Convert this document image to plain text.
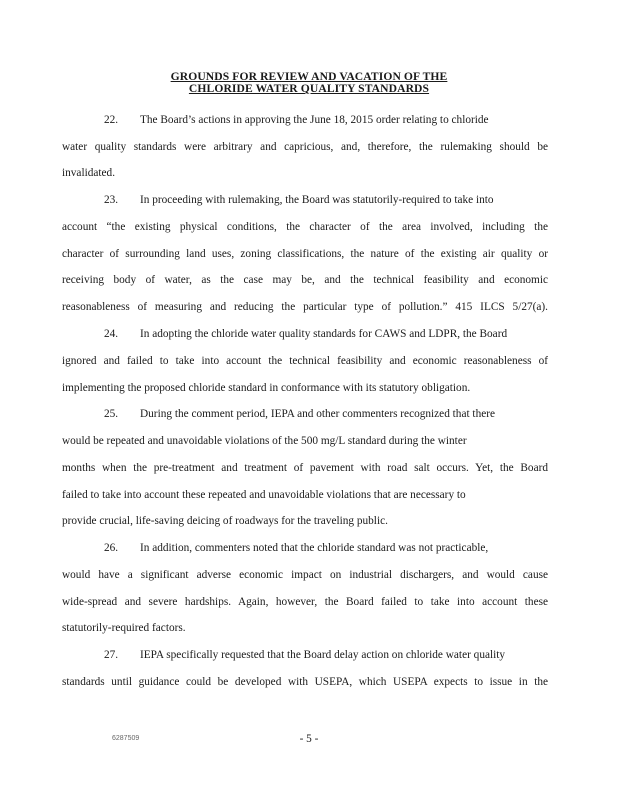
GROUNDS FOR REVIEW AND VACATION OF THE
CHLORIDE WATER QUALITY STANDARDS
22. The Board’s actions in approving the June 18, 2015 order relating to chloride
water quality standards were arbitrary and capricious, and, therefore, the rulemaking should be
invalidated.
23. In proceeding with rulemaking, the Board was statutorily-required to take into
account “the existing physical conditions, the character of the area involved, including the
character of surrounding land uses, zoning classifications, the nature of the existing air quality or
receiving body of water, as the case may be, and the technical feasibility and economic
reasonableness of measuring and reducing the particular type of pollution.” 415 ILCS 5/27(a).
24. In adopting the chloride water quality standards for CAWS and LDPR, the Board
ignored and failed to take into account the technical feasibility and economic reasonableness of
implementing the proposed chloride standard in conformance with its statutory obligation.
25. During the comment period, IEPA and other commenters recognized that there
would be repeated and unavoidable violations of the 500 mg/L standard during the winter
months when the pre-treatment and treatment of pavement with road salt occurs. Yet, the Board
failed to take into account these repeated and unavoidable violations that are necessary to
provide crucial, life-saving deicing of roadways for the traveling public.
26. In addition, commenters noted that the chloride standard was not practicable,
would have a significant adverse economic impact on industrial dischargers, and would cause
wide-spread and severe hardships. Again, however, the Board failed to take into account these
statutorily-required factors.
27. IEPA specifically requested that the Board delay action on chloride water quality
standards until guidance could be developed with USEPA, which USEPA expects to issue in the
6287509	- 5 -
